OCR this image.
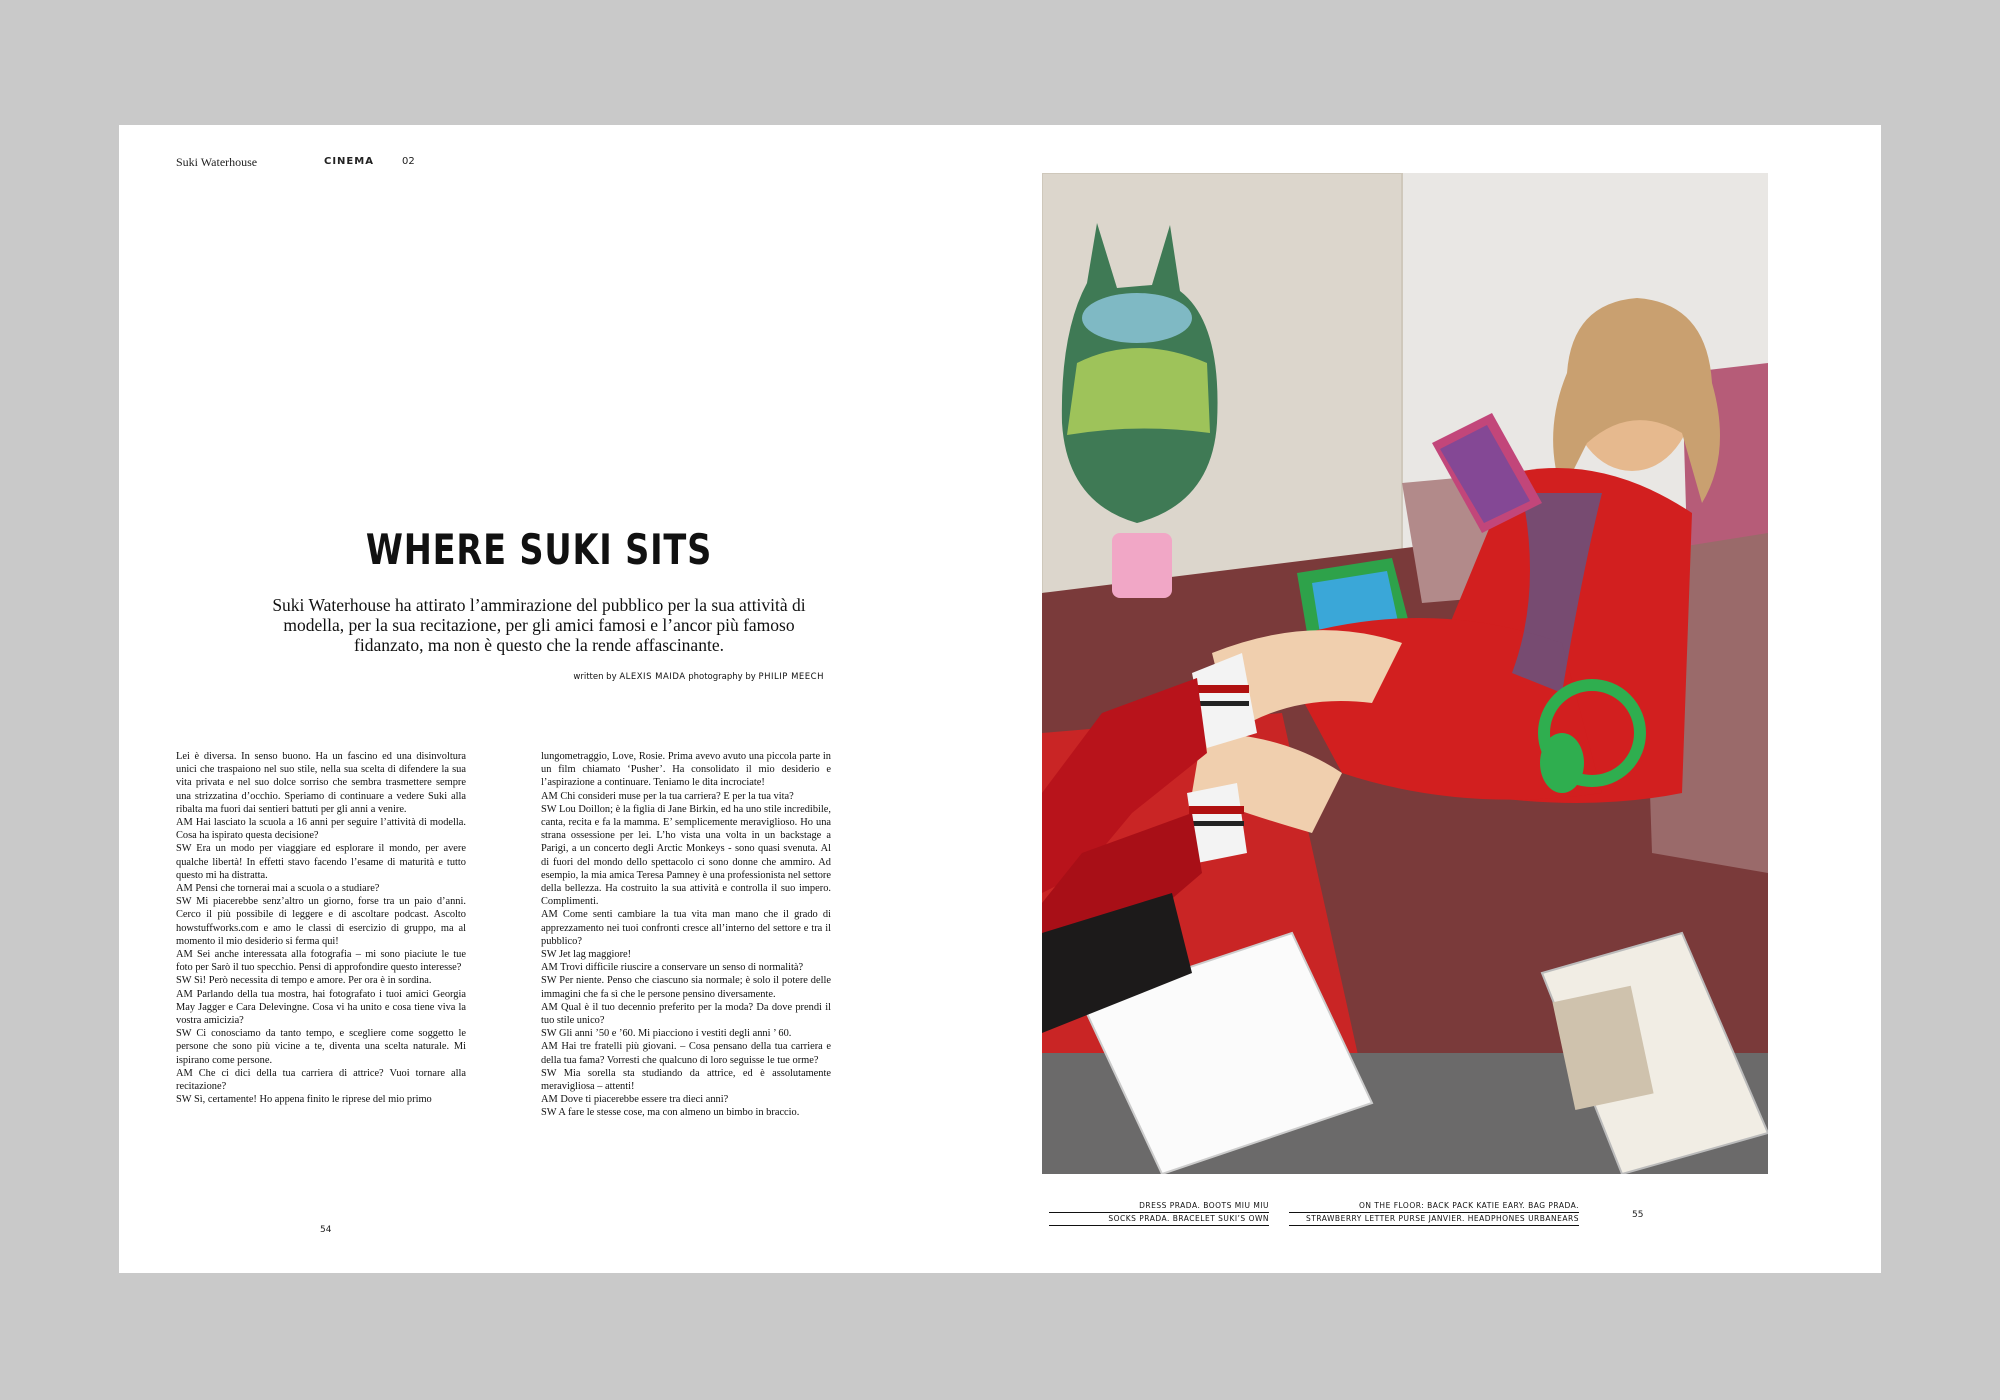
Suki Waterhouse	CINEMA	02
WHERE SUKI SITS

Suki Waterhouse ha attirato l’ammirazione del pubblico per la sua attività di modella, per la sua recitazione, per gli amici famosi e l’ancor più famoso fidanzato, ma non è questo che la rende affascinante.

written by ALEXIS MAIDA photography by PHILIP MEECH

Lei è diversa. In senso buono. Ha un fascino ed una disinvoltura unici che traspaiono nel suo stile, nella sua scelta di difendere la sua vita privata e nel suo dolce sorriso che sembra trasmettere sempre una strizzatina d’occhio. Speriamo di continuare a vedere Suki alla ribalta ma fuori dai sentieri battuti per gli anni a venire.

AM Hai lasciato la scuola a 16 anni per seguire l’attività di modella. Cosa ha ispirato questa decisione?

SW Era un modo per viaggiare ed esplorare il mondo, per avere qualche libertà! In effetti stavo facendo l’esame di maturità e tutto questo mi ha distratta.

AM Pensi che tornerai mai a scuola o a studiare?

SW Mi piacerebbe senz’altro un giorno, forse tra un paio d’anni. Cerco il più possibile di leggere e di ascoltare podcast. Ascolto howstuffworks.com e amo le classi di esercizio di gruppo, ma al momento il mio desiderio si ferma qui!

AM Sei anche interessata alla fotografia – mi sono piaciute le tue foto per Sarò il tuo specchio. Pensi di approfondire questo interesse?

SW Sì! Però necessita di tempo e amore. Per ora è in sordina.

AM Parlando della tua mostra, hai fotografato i tuoi amici Georgia May Jagger e Cara Delevingne. Cosa vi ha unito e cosa tiene viva la vostra amicizia?

SW Ci conosciamo da tanto tempo, e scegliere come soggetto le persone che sono più vicine a te, diventa una scelta naturale. Mi ispirano come persone.

AM Che ci dici della tua carriera di attrice? Vuoi tornare alla recitazione?

SW Sì, certamente! Ho appena finito le riprese del mio primo

lungometraggio, Love, Rosie. Prima avevo avuto una piccola parte in un film chiamato ‘Pusher’. Ha consolidato il mio desiderio e l’aspirazione a continuare. Teniamo le dita incrociate!

AM Chi consideri muse per la tua carriera? E per la tua vita?

SW Lou Doillon; è la figlia di Jane Birkin, ed ha uno stile incredibile, canta, recita e fa la mamma. E’ semplicemente meraviglioso. Ho una strana ossessione per lei. L’ho vista una volta in un backstage a Parigi, a un concerto degli Arctic Monkeys - sono quasi svenuta. Al di fuori del mondo dello spettacolo ci sono donne che ammiro. Ad esempio, la mia amica Teresa Pamney è una professionista nel settore della bellezza. Ha costruito la sua attività e controlla il suo impero. Complimenti.

AM Come senti cambiare la tua vita man mano che il grado di apprezzamento nei tuoi confronti cresce all’interno del settore e tra il pubblico?

SW Jet lag maggiore!

AM Trovi difficile riuscire a conservare un senso di normalità?

SW Per niente. Penso che ciascuno sia normale; è solo il potere delle immagini che fa sì che le persone pensino diversamente.

AM Qual è il tuo decennio preferito per la moda? Da dove prendi il tuo stile unico?

SW Gli anni ’50 e ’60. Mi piacciono i vestiti degli anni ’ 60.

AM Hai tre fratelli più giovani. – Cosa pensano della tua carriera e della tua fama? Vorresti che qualcuno di loro seguisse le tue orme?

SW Mia sorella sta studiando da attrice, ed è assolutamente meravigliosa – attenti!

AM Dove ti piacerebbe essere tra dieci anni?

SW A fare le stesse cose, ma con almeno un bimbo in braccio.

54
DRESS PRADA. BOOTS MIU MIU
SOCKS PRADA. BRACELET SUKI’S OWN
ON THE FLOOR: BACK PACK KATIE EARY. BAG PRADA.
STRAWBERRY LETTER PURSE JANVIER. HEADPHONES URBANEARS	55
